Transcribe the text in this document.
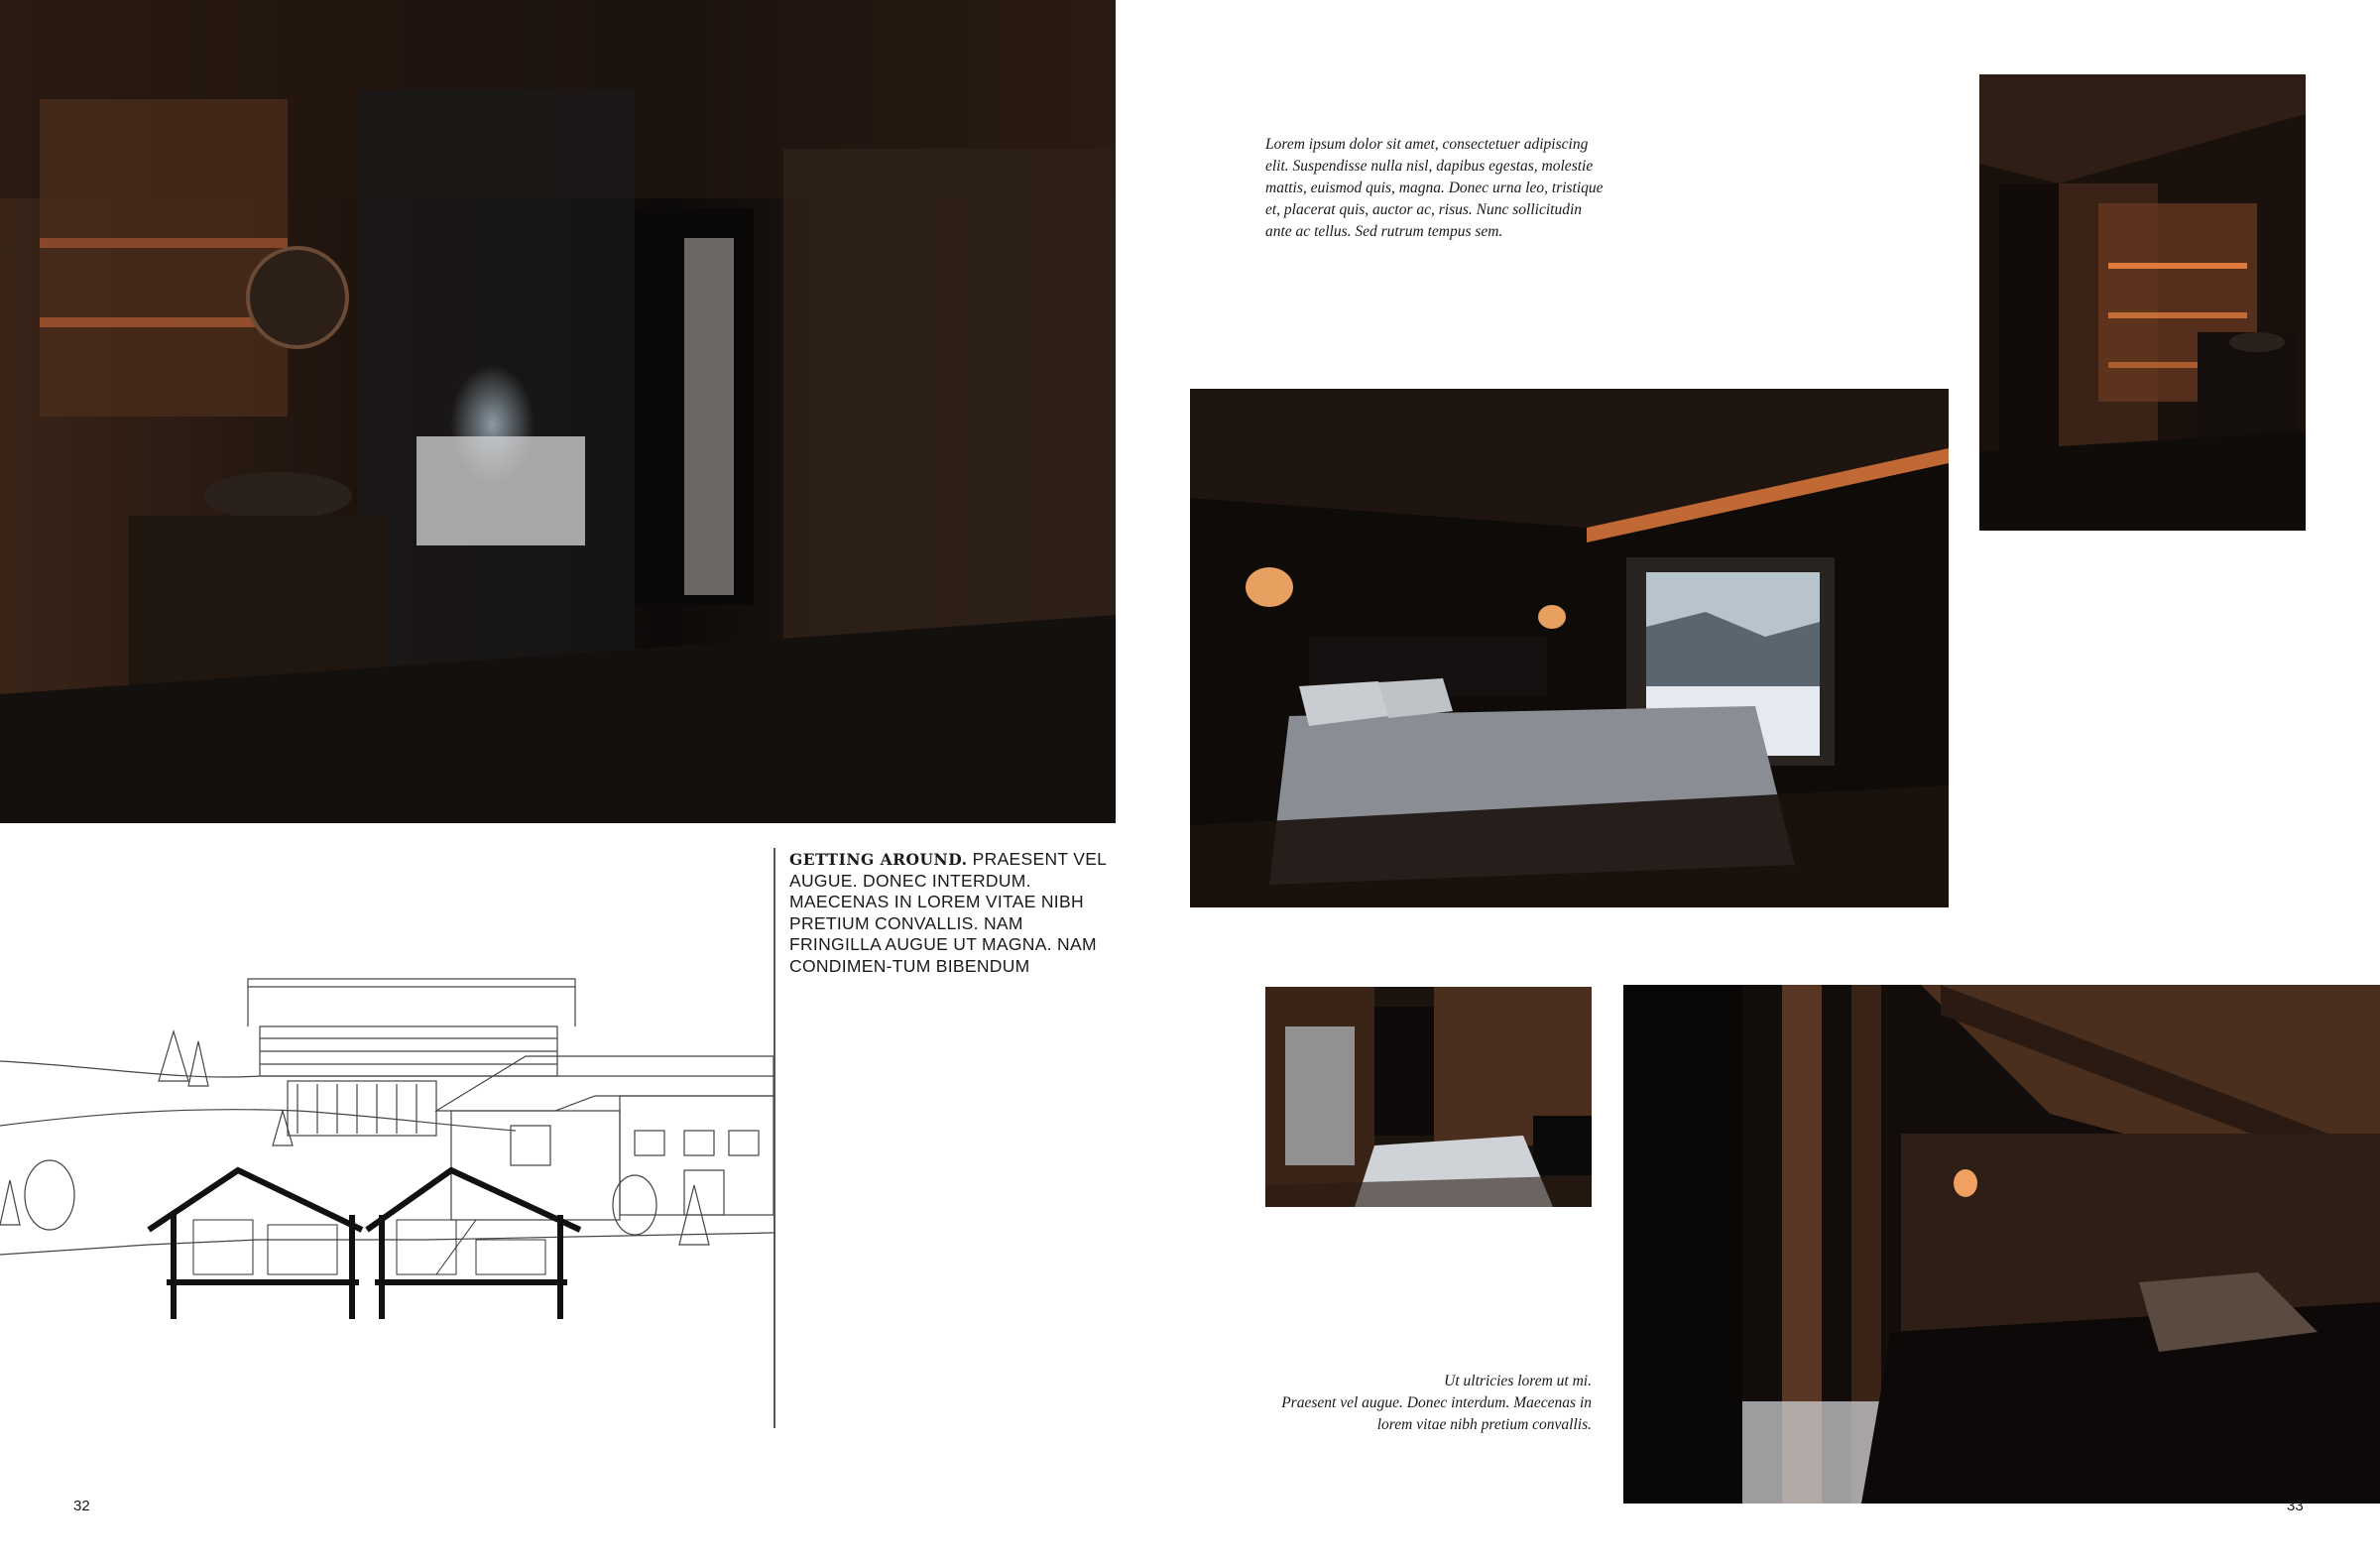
GETTING AROUND. PRAESENT VEL AUGUE. DONEC INTERDUM. MAECENAS IN LOREM VITAE NIBH PRETIUM CONVALLIS. NAM FRINGILLA AUGUE UT MAGNA. NAM CONDIMEN-TUM BIBENDUM
Lorem ipsum dolor sit amet, consectetuer adipiscing
elit. Suspendisse nulla nisl, dapibus egestas, molestie
mattis, euismod quis, magna. Donec urna leo, tristique
et, placerat quis, auctor ac, risus. Nunc sollicitudin
ante ac tellus. Sed rutrum tempus sem.
Ut ultricies lorem ut mi.
Praesent vel augue. Donec interdum. Maecenas in
lorem vitae nibh pretium convallis.
32	33
